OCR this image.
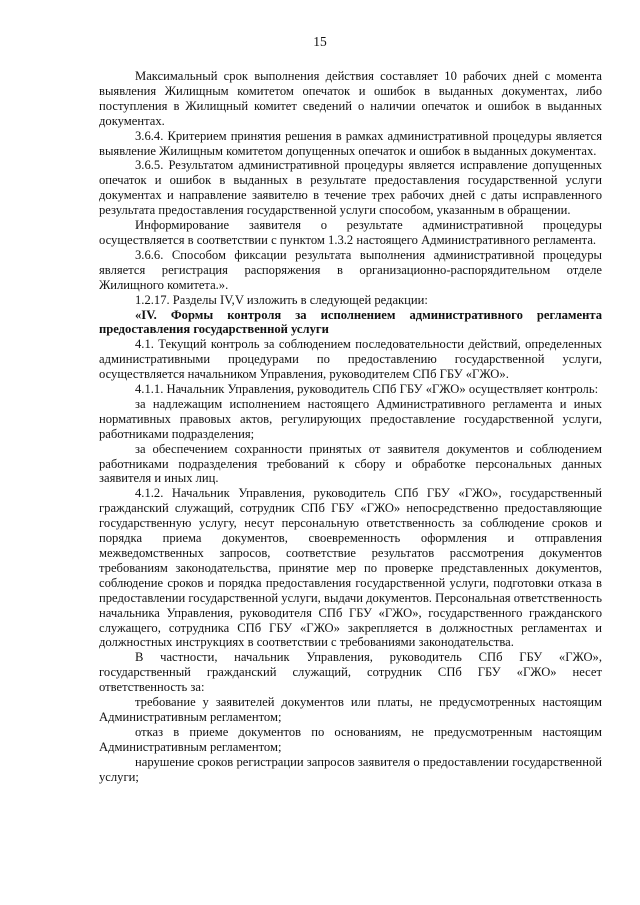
15

Максимальный срок выполнения действия составляет 10 рабочих дней с момента выявления Жилищным комитетом опечаток и ошибок в выданных документах, либо поступления в Жилищный комитет сведений о наличии опечаток и ошибок в выданных документах.

3.6.4. Критерием принятия решения в рамках административной процедуры является выявление Жилищным комитетом допущенных опечаток и ошибок в выданных документах.

3.6.5. Результатом административной процедуры является исправление допущенных опечаток и ошибок в выданных в результате предоставления государственной услуги документах и направление заявителю в течение трех рабочих дней с даты исправленного результата предоставления государственной услуги способом, указанным в обращении.

Информирование заявителя о результате административной процедуры осуществляется в соответствии с пунктом 1.3.2 настоящего Административного регламента.

3.6.6. Способом фиксации результата выполнения административной процедуры является регистрация распоряжения в организационно-распорядительном отделе Жилищного комитета.».

1.2.17. Разделы IV,V изложить в следующей редакции:

«IV. Формы контроля за исполнением административного регламента предоставления государственной услуги

4.1. Текущий контроль за соблюдением последовательности действий, определенных административными процедурами по предоставлению государственной услуги, осуществляется начальником Управления, руководителем СПб ГБУ «ГЖО».

4.1.1. Начальник Управления, руководитель СПб ГБУ «ГЖО» осуществляет контроль:

за надлежащим исполнением настоящего Административного регламента и иных нормативных правовых актов, регулирующих предоставление государственной услуги, работниками подразделения;

за обеспечением сохранности принятых от заявителя документов и соблюдением работниками подразделения требований к сбору и обработке персональных данных заявителя и иных лиц.

4.1.2. Начальник Управления, руководитель СПб ГБУ «ГЖО», государственный гражданский служащий, сотрудник СПб ГБУ «ГЖО» непосредственно предоставляющие государственную услугу, несут персональную ответственность за соблюдение сроков и порядка приема документов, своевременность оформления и отправления межведомственных запросов, соответствие результатов рассмотрения документов требованиям законодательства, принятие мер по проверке представленных документов, соблюдение сроков и порядка предоставления государственной услуги, подготовки отказа в предоставлении государственной услуги, выдачи документов. Персональная ответственность начальника Управления, руководителя СПб ГБУ «ГЖО», государственного гражданского служащего, сотрудника СПб ГБУ «ГЖО» закрепляется в должностных регламентах и должностных инструкциях в соответствии с требованиями законодательства.

В частности, начальник Управления, руководитель СПб ГБУ «ГЖО», государственный гражданский служащий, сотрудник СПб ГБУ «ГЖО» несет ответственность за:

требование у заявителей документов или платы, не предусмотренных настоящим Административным регламентом;

отказ в приеме документов по основаниям, не предусмотренным настоящим Административным регламентом;

нарушение сроков регистрации запросов заявителя о предоставлении государственной услуги;
